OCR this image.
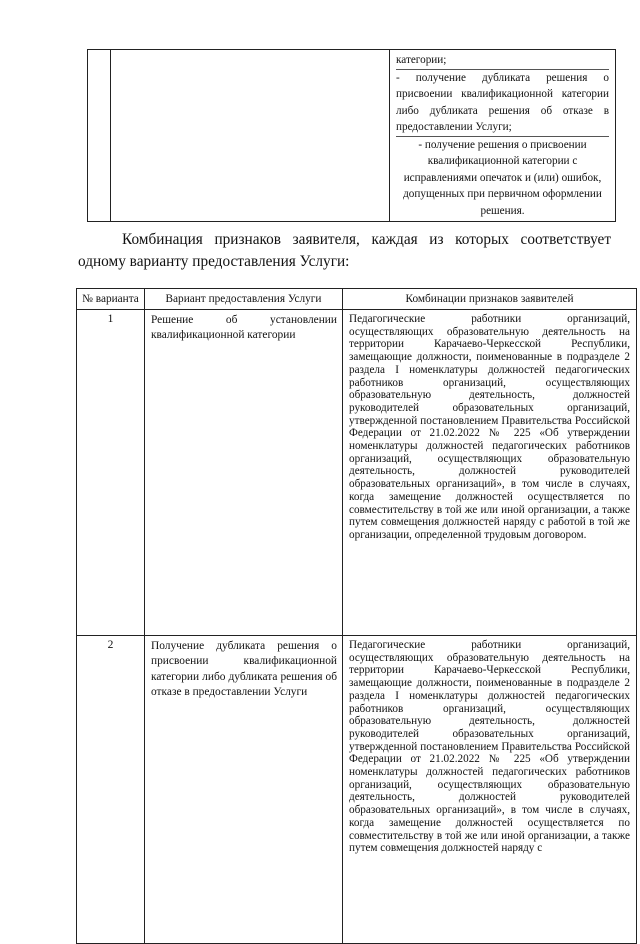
категории;
- получение дубликата решения о присвоении квалификационной категории либо дубликата решения об отказе в предоставлении Услуги;
- получение решения о присвоении квалификационной категории с исправлениями опечаток и (или) ошибок, допущенных при первичном оформлении решения.

Комбинация признаков заявителя, каждая из которых соответствует одному варианту предоставления Услуги:

№ варианта	Вариант предоставления Услуги	Комбинации признаков заявителей
1	Решение об установлении квалификационной категории	Педагогические работники организаций, осуществляющих образовательную деятельность на территории Карачаево-Черкесской Республики, замещающие должности, поименованные в подразделе 2 раздела I номенклатуры должностей педагогических работников организаций, осуществляющих образовательную деятельность, должностей руководителей образовательных организаций, утвержденной постановлением Правительства Российской Федерации от 21.02.2022 № 225 «Об утверждении номенклатуры должностей педагогических работников организаций, осуществляющих образовательную деятельность, должностей руководителей образовательных организаций», в том числе в случаях, когда замещение должностей осуществляется по совместительству в той же или иной организации, а также путем совмещения должностей наряду с работой в той же организации, определенной трудовым договором.
2	Получение дубликата решения о присвоении квалификационной категории либо дубликата решения об отказе в предоставлении Услуги	Педагогические работники организаций, осуществляющих образовательную деятельность на территории Карачаево-Черкесской Республики, замещающие должности, поименованные в подразделе 2 раздела I номенклатуры должностей педагогических работников организаций, осуществляющих образовательную деятельность, должностей руководителей образовательных организаций, утвержденной постановлением Правительства Российской Федерации от 21.02.2022 № 225 «Об утверждении номенклатуры должностей педагогических работников организаций, осуществляющих образовательную деятельность, должностей руководителей образовательных организаций», в том числе в случаях, когда замещение должностей осуществляется по совместительству в той же или иной организации, а также путем совмещения должностей наряду с
